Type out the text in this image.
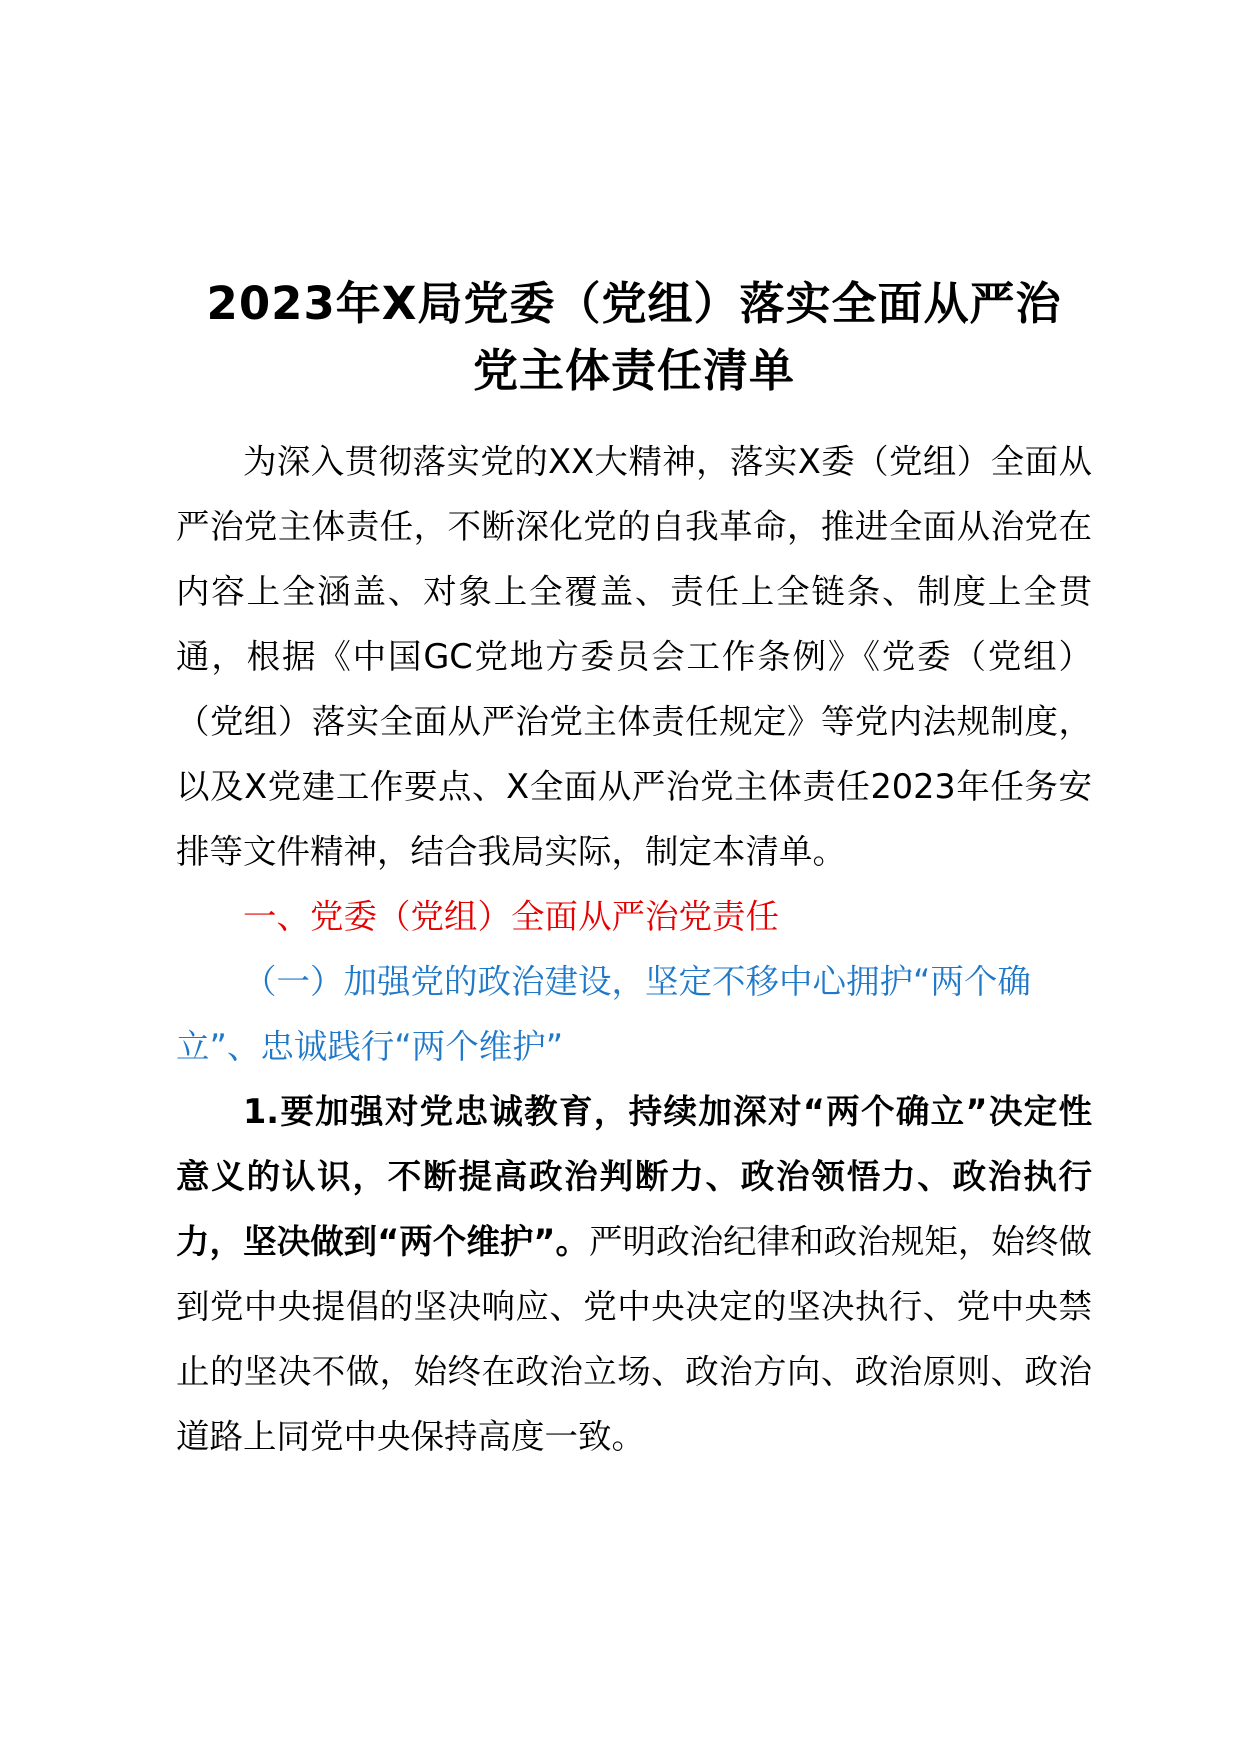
2023年X局党委（党组）落实全面从严治
党主体责任清单

为深入贯彻落实党的XX大精神，落实X委（党组）全面从严治党主体责任，不断深化党的自我革命，推进全面从治党在内容上全涵盖、对象上全覆盖、责任上全链条、制度上全贯通，根据《中国GC党地方委员会工作条例》《党委（党组）（党组）落实全面从严治党主体责任规定》等党内法规制度，以及X党建工作要点、X全面从严治党主体责任2023年任务安排等文件精神，结合我局实际，制定本清单。

一、党委（党组）全面从严治党责任

（一）加强党的政治建设，坚定不移中心拥护“两个确立”、忠诚践行“两个维护”

1.要加强对党忠诚教育，持续加深对“两个确立”决定性意义的认识，不断提高政治判断力、政治领悟力、政治执行力，坚决做到“两个维护”。严明政治纪律和政治规矩，始终做到党中央提倡的坚决响应、党中央决定的坚决执行、党中央禁止的坚决不做，始终在政治立场、政治方向、政治原则、政治道路上同党中央保持高度一致。
